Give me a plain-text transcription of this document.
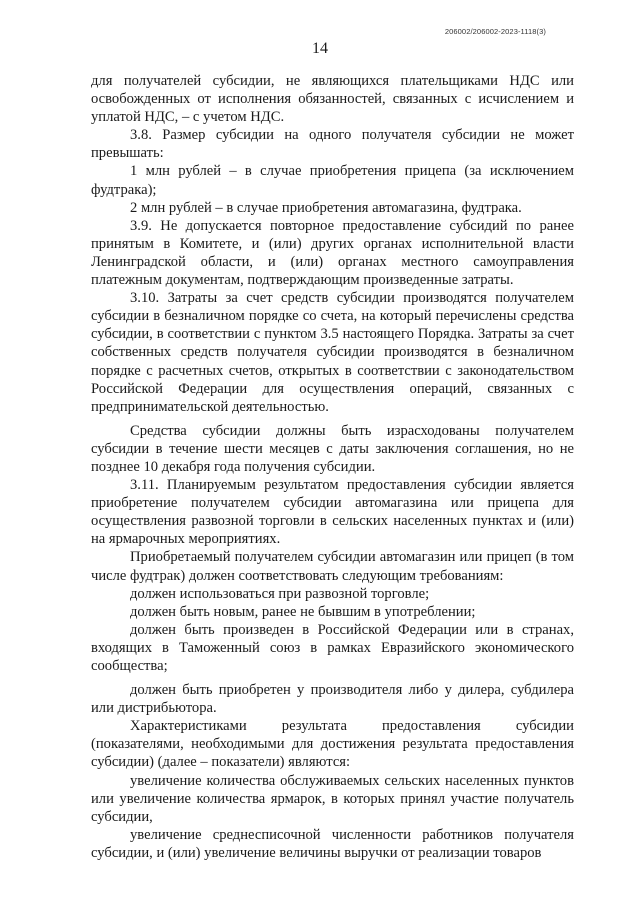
206002/206002-2023-1118(3)
14

для получателей субсидии, не являющихся плательщиками НДС или освобожденных от исполнения обязанностей, связанных с исчислением и уплатой НДС, – с учетом НДС.

3.8. Размер субсидии на одного получателя субсидии не может превышать:

1 млн рублей – в случае приобретения прицепа (за исключением фудтрака);

2 млн рублей – в случае приобретения автомагазина, фудтрака.

3.9. Не допускается повторное предоставление субсидий по ранее принятым в Комитете, и (или) других органах исполнительной власти Ленинградской области, и (или) органах местного самоуправления платежным документам, подтверждающим произведенные затраты.

3.10. Затраты за счет средств субсидии производятся получателем субсидии в безналичном порядке со счета, на который перечислены средства субсидии, в соответствии с пунктом 3.5 настоящего Порядка. Затраты за счет собственных средств получателя субсидии производятся в безналичном порядке с расчетных счетов, открытых в соответствии с законодательством Российской Федерации для осуществления операций, связанных с предпринимательской деятельностью.

Средства субсидии должны быть израсходованы получателем субсидии в течение шести месяцев с даты заключения соглашения, но не позднее 10 декабря года получения субсидии.

3.11. Планируемым результатом предоставления субсидии является приобретение получателем субсидии автомагазина или прицепа для осуществления развозной торговли в сельских населенных пунктах и (или) на ярмарочных мероприятиях.

Приобретаемый получателем субсидии автомагазин или прицеп (в том числе фудтрак) должен соответствовать следующим требованиям:

должен использоваться при развозной торговле;

должен быть новым, ранее не бывшим в употреблении;

должен быть произведен в Российской Федерации или в странах, входящих в Таможенный союз в рамках Евразийского экономического сообщества;

должен быть приобретен у производителя либо у дилера, субдилера или дистрибьютора.

Характеристиками результата предоставления субсидии (показателями, необходимыми для достижения результата предоставления субсидии) (далее – показатели) являются:

увеличение количества обслуживаемых сельских населенных пунктов или увеличение количества ярмарок, в которых принял участие получатель субсидии,

увеличение среднесписочной численности работников получателя субсидии, и (или) увеличение величины выручки от реализации товаров
